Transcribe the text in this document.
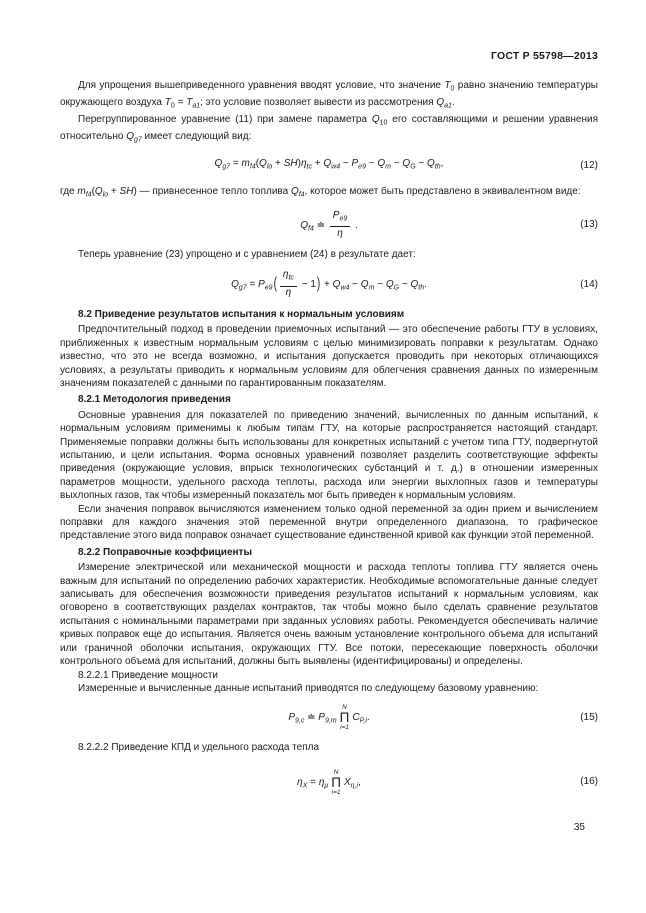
ГОСТ Р 55798—2013
Для упрощения вышеприведенного уравнения вводят условие, что значение $T_0$ равно значению температуры окружающего воздуха $T_0 = T_{a1}$; это условие позволяет вывести из рассмотрения $Q_{a1}$.
Перегруппированное уравнение (11) при замене параметра $Q_{10}$ его составляющими и решении уравнения относительно $Q_{g7}$ имеет следующий вид:
$Q_{g7} = m_{f4}(Q_{lo} + SH)\eta_{tc} + Q_{w4} - P_{e9} - Q_m - Q_G - Q_{th}$,	(12)
где $m_{f4}(Q_{lo} + SH)$ — привнесенное тепло топлива $Q_{f4}$, которое может быть представлено в эквивалентном виде:
$Q_{f4}$ ≐ $\frac{P_{e9}}{\eta}$ .	(13)
Теперь уравнение (23) упрощено и с уравнением (24) в результате дает:
$Q_{g7} = P_{e9}( \frac{\eta_{tc}}{\eta} - 1) + Q_{w4} - Q_m - Q_G - Q_{th}$.	(14)
8.2 Приведение результатов испытания к нормальным условиям
Предпочтительный подход в проведении приемочных испытаний — это обеспечение работы ГТУ в условиях, приближенных к известным нормальным условиям с целью минимизировать поправки к результатам. Однако известно, что это не всегда возможно, и испытания допускается проводить при некоторых отличающихся условиях, а результаты приводить к нормальным условиям для облегчения сравнения данных по измеренным значениям показателей с данными по гарантированным показателям.
8.2.1 Методология приведения
Основные уравнения для показателей по приведению значений, вычисленных по данным испытаний, к нормальным условиям применимы к любым типам ГТУ, на которые распространяется настоящий стандарт. Применяемые поправки должны быть использованы для конкретных испытаний с учетом типа ГТУ, подвергнутой испытанию, и цели испытания. Форма основных уравнений позволяет разделить соответствующие эффекты приведения (окружающие условия, впрыск технологических субстанций и т. д.) в отношении измеренных параметров мощности, удельного расхода теплоты, расхода или энергии выхлопных газов и температуры выхлопных газов, так чтобы измеренный показатель мог быть приведен к нормальным условиям.
Если значения поправок вычисляются изменением только одной переменной за один прием и вычислением поправки для каждого значения этой переменной внутри определенного диапазона, то графическое представление этого вида поправок означает существование единственной кривой как функции этой переменной.
8.2.2 Поправочные коэффициенты
Измерение электрической или механической мощности и расхода теплоты топлива ГТУ является очень важным для испытаний по определению рабочих характеристик. Необходимые вспомогательные данные следует записывать для обеспечения возможности приведения результатов испытаний к нормальным условиям, как оговорено в соответствующих разделах контрактов, так чтобы можно было сделать сравнение результатов испытания с номинальными параметрами при заданных условиях работы. Рекомендуется обеспечивать наличие кривых поправок еще до испытания. Является очень важным установление контрольного объема для испытаний или граничной оболочки испытания, окружающих ГТУ. Все потоки, пересекающие поверхность оболочки контрольного объема для испытаний, должны быть выявлены (идентифицированы) и определены.
8.2.2.1 Приведение мощности
Измеренные и вычисленные данные испытаний приводятся по следующему базовому уравнению:
$P_{9,c}$ ≐ $P_{9,m}$
N
Π
i=1
$C_{P,i}$.	(15)
8.2.2.2 Приведение КПД и удельного расхода тепла
$\eta_X = \eta_\mu$
N
Π
i=1
$X_{\eta,i}$,	(16)
35
